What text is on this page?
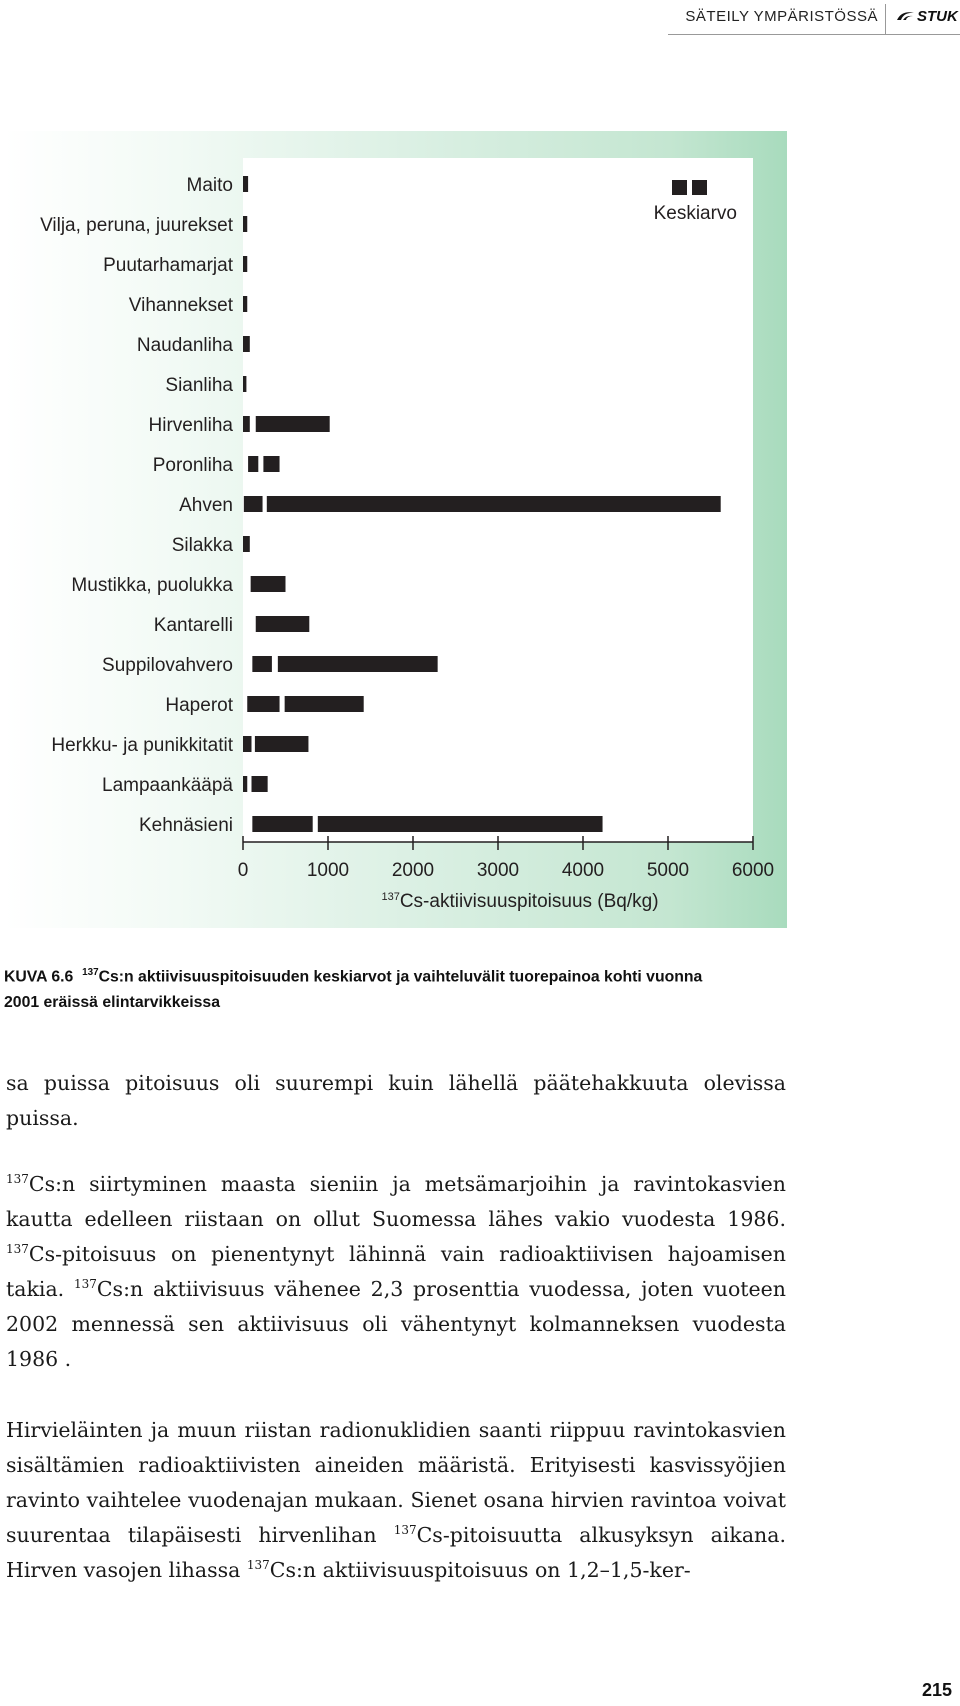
SÄTEILY YMPÄRISTÖSSÄ	STUK
Maito
Vilja, peruna, juurekset
Puutarhamarjat
Vihannekset
Naudanliha
Sianliha
Hirvenliha
Poronliha
Ahven
Silakka
Mustikka, puolukka
Kantarelli
Suppilovahvero
Haperot
Herkku- ja punikkitatit
Lampaankääpä
Kehnäsieni
0	1000 2000 3000 4000 5000 6000
Keskiarvo
$^{137}$Cs-aktiivisuuspitoisuus (Bq/kg)
KUVA 6.6 $^{137}$Cs:n aktiivisuuspitoisuuden keskiarvot ja vaihteluvälit tuorepainoa kohti vuonna
2001 eräissä elintarvikkeissa
sa puissa pitoisuus oli suurempi kuin lähellä päätehakkuuta olevissa puissa.
$^{137}$Cs:n siirtyminen maasta sieniin ja metsämarjoihin ja ravintokasvien kautta edelleen riistaan on ollut Suomessa lähes vakio vuodesta 1986. $^{137}$Cs-pitoisuus on pienentynyt lähinnä vain radioaktiivisen hajoamisen takia. $^{137}$Cs:n aktiivisuus vähenee 2,3 prosenttia vuodessa, joten vuoteen 2002 mennessä sen aktiivisuus oli vähentynyt kolmanneksen vuodesta 1986 .
Hirvieläinten ja muun riistan radionuklidien saanti riippuu ravintokasvien sisältämien radioaktiivisten aineiden määristä. Erityisesti kasvissyöjien ravinto vaihtelee vuodenajan mukaan. Sienet osana hirvien ravintoa voivat suurentaa tilapäisesti hirvenlihan $^{137}$Cs-pitoisuutta alkusyksyn aikana. Hirven vasojen lihassa $^{137}$Cs:n aktiivisuuspitoisuus on 1,2–1,5-ker-
215
